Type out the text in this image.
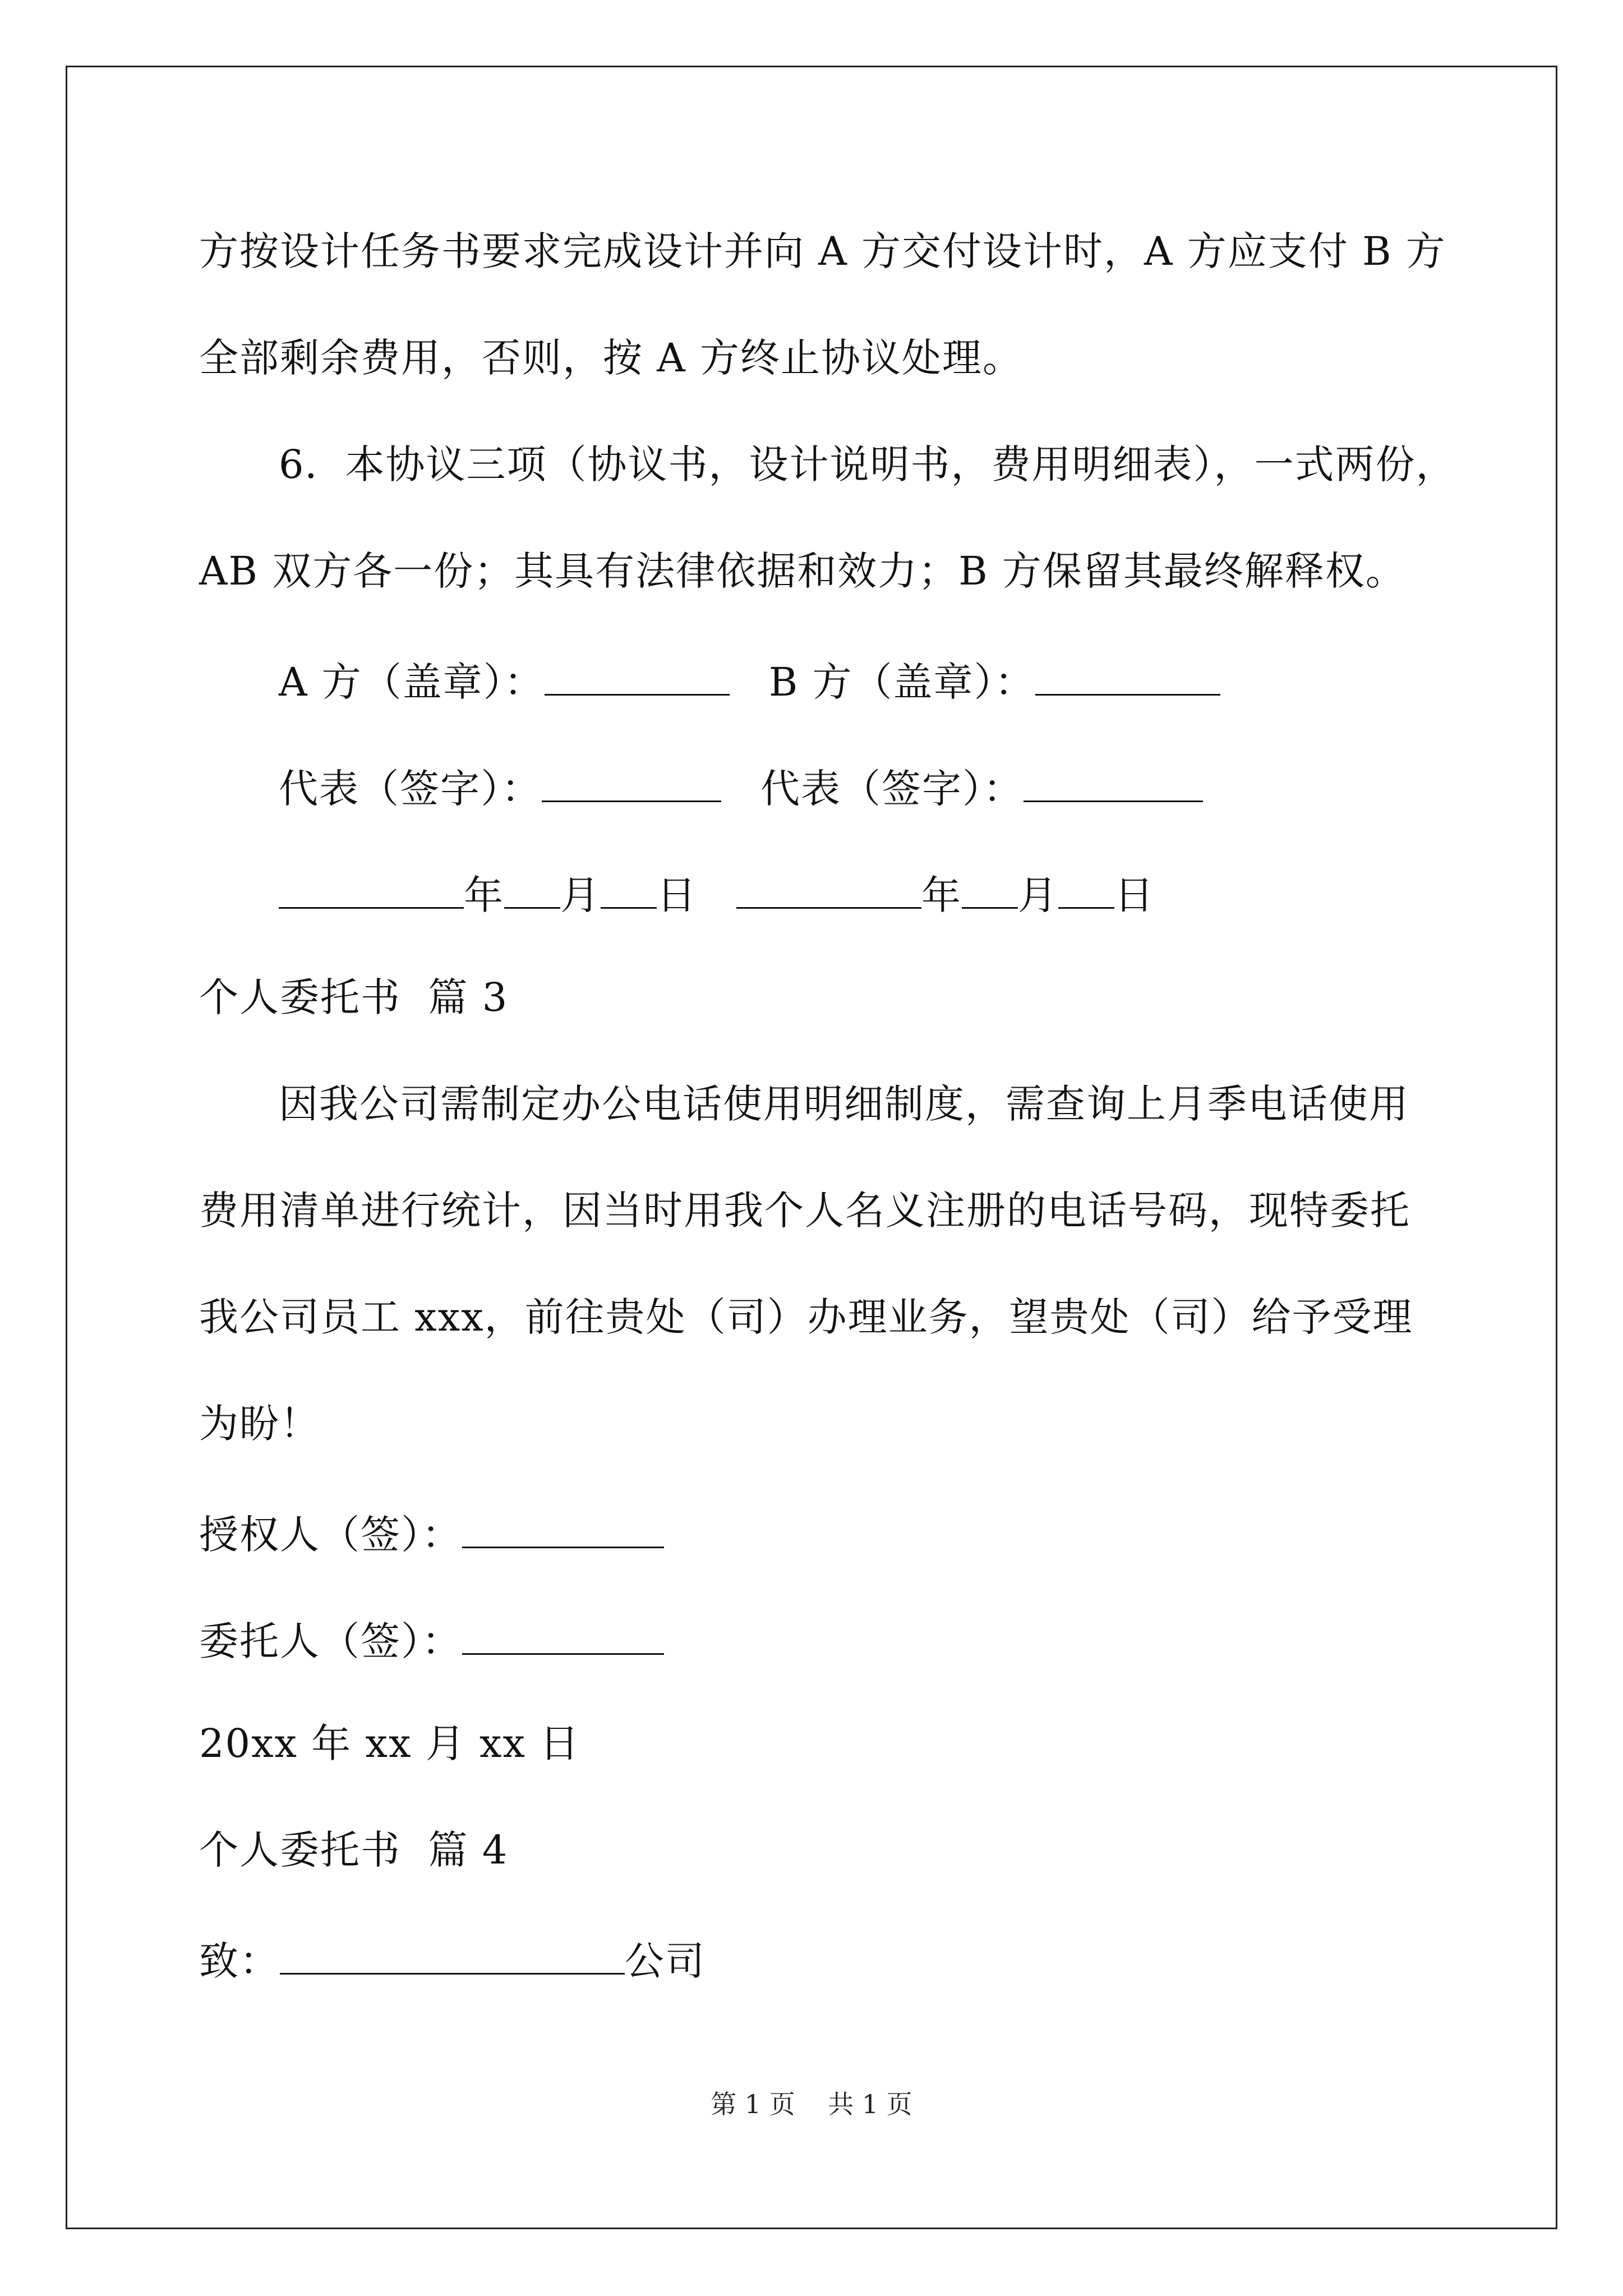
方按设计任务书要求完成设计并向 A 方交付设计时，A 方应支付 B 方
全部剩余费用，否则，按 A 方终止协议处理。
6．本协议三项（协议书，设计说明书，费用明细表），一式两份，
AB 双方各一份；其具有法律依据和效力；B 方保留其最终解释权。
A 方（盖章）：	B 方（盖章）：
代表（签字）：	代表（签字）：
年 月 日	年 月 日
个人委托书  篇 3
因我公司需制定办公电话使用明细制度，需查询上月季电话使用
费用清单进行统计，因当时用我个人名义注册的电话号码，现特委托
我公司员工 xxx，前往贵处（司）办理业务，望贵处（司）给予受理
为盼！
授权人（签）：
委托人（签）：
20xx 年 xx 月 xx 日
个人委托书  篇 4
致：	公司
第 1 页    共 1 页
